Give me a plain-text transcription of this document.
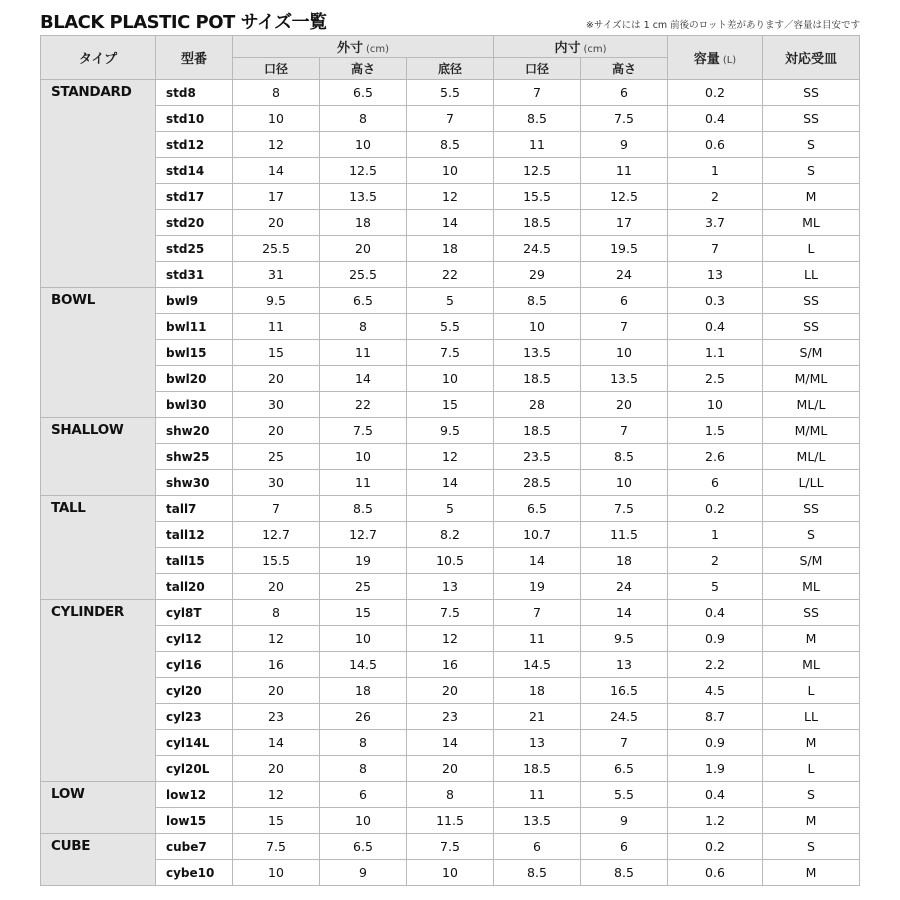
BLACK PLASTIC POT サイズ一覧	※サイズには 1 cm 前後のロット差があります／容量は目安です
タイプ	型番	外寸 (cm)			内寸 (cm)		容量 (L)	対応受皿
		口径	高さ	底径	口径	高さ		
STANDARD	std8	8	6.5	5.5	7	6	0.2	SS
	std10	10	8	7	8.5	7.5	0.4	SS
	std12	12	10	8.5	11	9	0.6	S
	std14	14	12.5	10	12.5	11	1	S
	std17	17	13.5	12	15.5	12.5	2	M
	std20	20	18	14	18.5	17	3.7	ML
	std25	25.5	20	18	24.5	19.5	7	L
	std31	31	25.5	22	29	24	13	LL
BOWL	bwl9	9.5	6.5	5	8.5	6	0.3	SS
	bwl11	11	8	5.5	10	7	0.4	SS
	bwl15	15	11	7.5	13.5	10	1.1	S/M
	bwl20	20	14	10	18.5	13.5	2.5	M/ML
	bwl30	30	22	15	28	20	10	ML/L
SHALLOW	shw20	20	7.5	9.5	18.5	7	1.5	M/ML
	shw25	25	10	12	23.5	8.5	2.6	ML/L
	shw30	30	11	14	28.5	10	6	L/LL
TALL	tall7	7	8.5	5	6.5	7.5	0.2	SS
	tall12	12.7	12.7	8.2	10.7	11.5	1	S
	tall15	15.5	19	10.5	14	18	2	S/M
	tall20	20	25	13	19	24	5	ML
CYLINDER	cyl8T	8	15	7.5	7	14	0.4	SS
	cyl12	12	10	12	11	9.5	0.9	M
	cyl16	16	14.5	16	14.5	13	2.2	ML
	cyl20	20	18	20	18	16.5	4.5	L
	cyl23	23	26	23	21	24.5	8.7	LL
	cyl14L	14	8	14	13	7	0.9	M
	cyl20L	20	8	20	18.5	6.5	1.9	L
LOW	low12	12	6	8	11	5.5	0.4	S
	low15	15	10	11.5	13.5	9	1.2	M
CUBE	cube7	7.5	6.5	7.5	6	6	0.2	S
	cybe10	10	9	10	8.5	8.5	0.6	M
